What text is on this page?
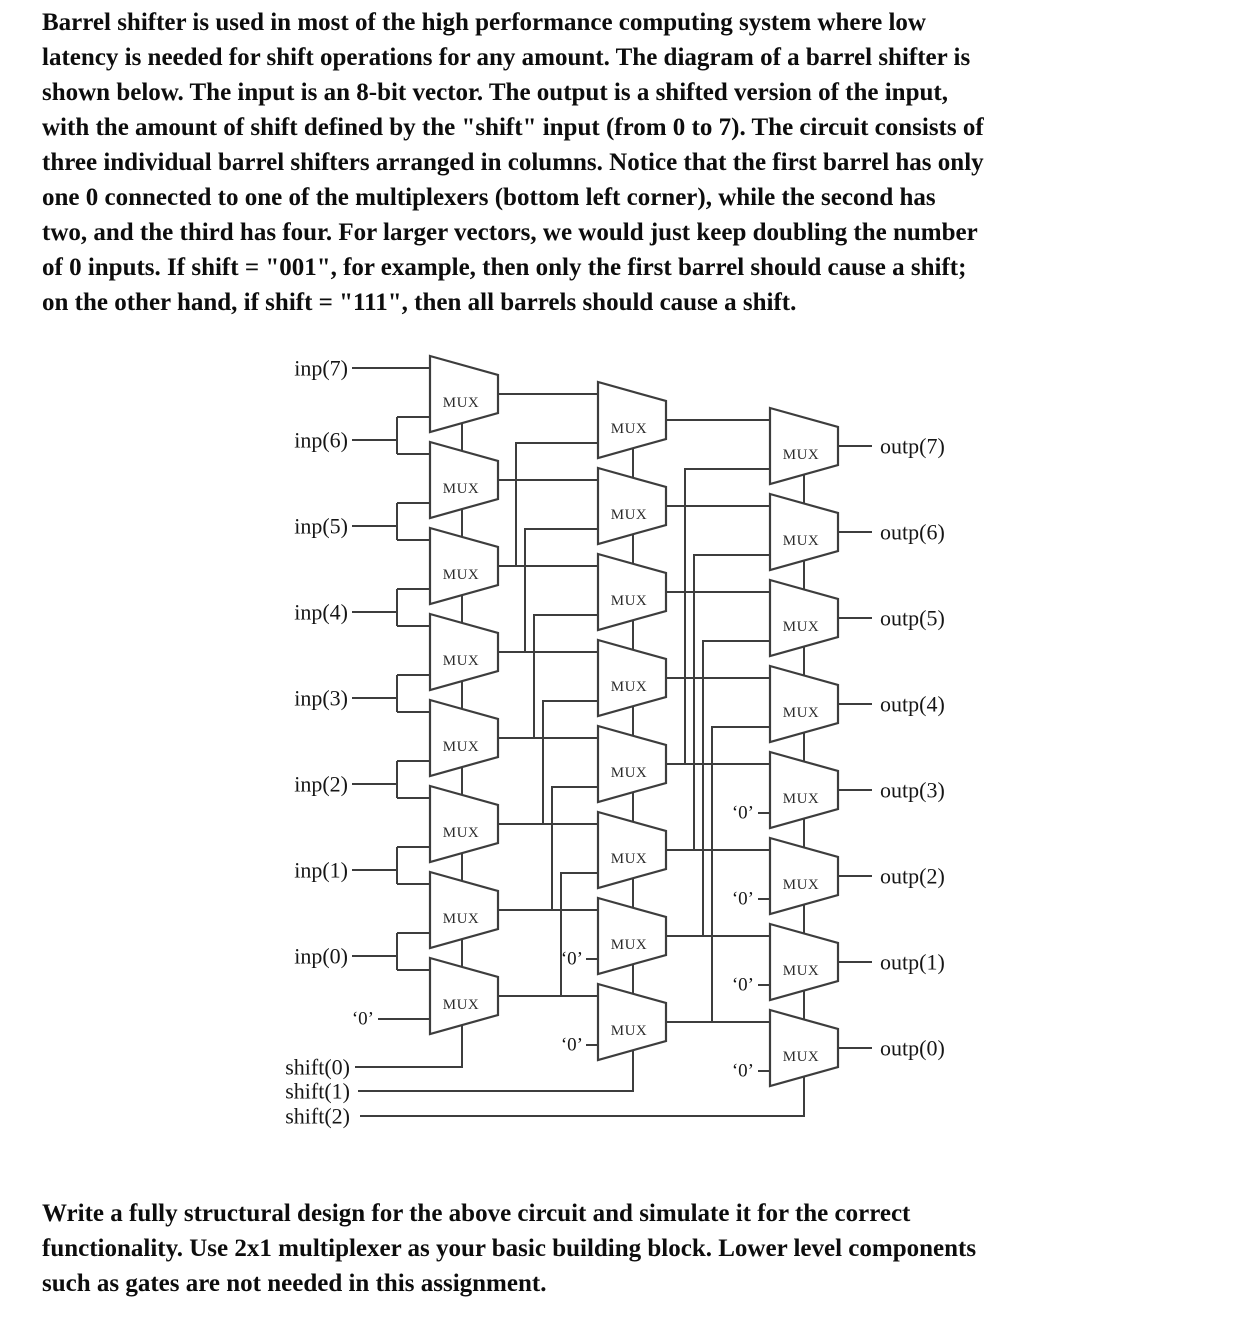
Barrel shifter is used in most of the high performance computing system where low
latency is needed for shift operations for any amount. The diagram of a barrel shifter is
shown below. The input is an 8-bit vector. The output is a shifted version of the input,
with the amount of shift defined by the "shift" input (from 0 to 7). The circuit consists of
three individual barrel shifters arranged in columns. Notice that the first barrel has only
one 0 connected to one of the multiplexers (bottom left corner), while the second has
two, and the third has four. For larger vectors, we would just keep doubling the number
of 0 inputs. If shift = "001", for example, then only the first barrel should cause a shift;
on the other hand, if shift = "111", then all barrels should cause a shift.
MUX
MUX
MUX
MUX
MUX
MUX
MUX
MUX
MUX
MUX
MUX
MUX
MUX
MUX
MUX
MUX
MUX
MUX
MUX
MUX
MUX
MUX
MUX
MUX
inp(7)
inp(6)
inp(5)
inp(4)
inp(3)
inp(2)
inp(1)
inp(0)
‘0’
‘0’
‘0’
‘0’
‘0’
‘0’
‘0’
shift(0)
shift(1)
shift(2)
outp(7)
outp(6)
outp(5)
outp(4)
outp(3)
outp(2)
outp(1)
outp(0)
Write a fully structural design for the above circuit and simulate it for the correct
functionality. Use 2x1 multiplexer as your basic building block. Lower level components
such as gates are not needed in this assignment.
